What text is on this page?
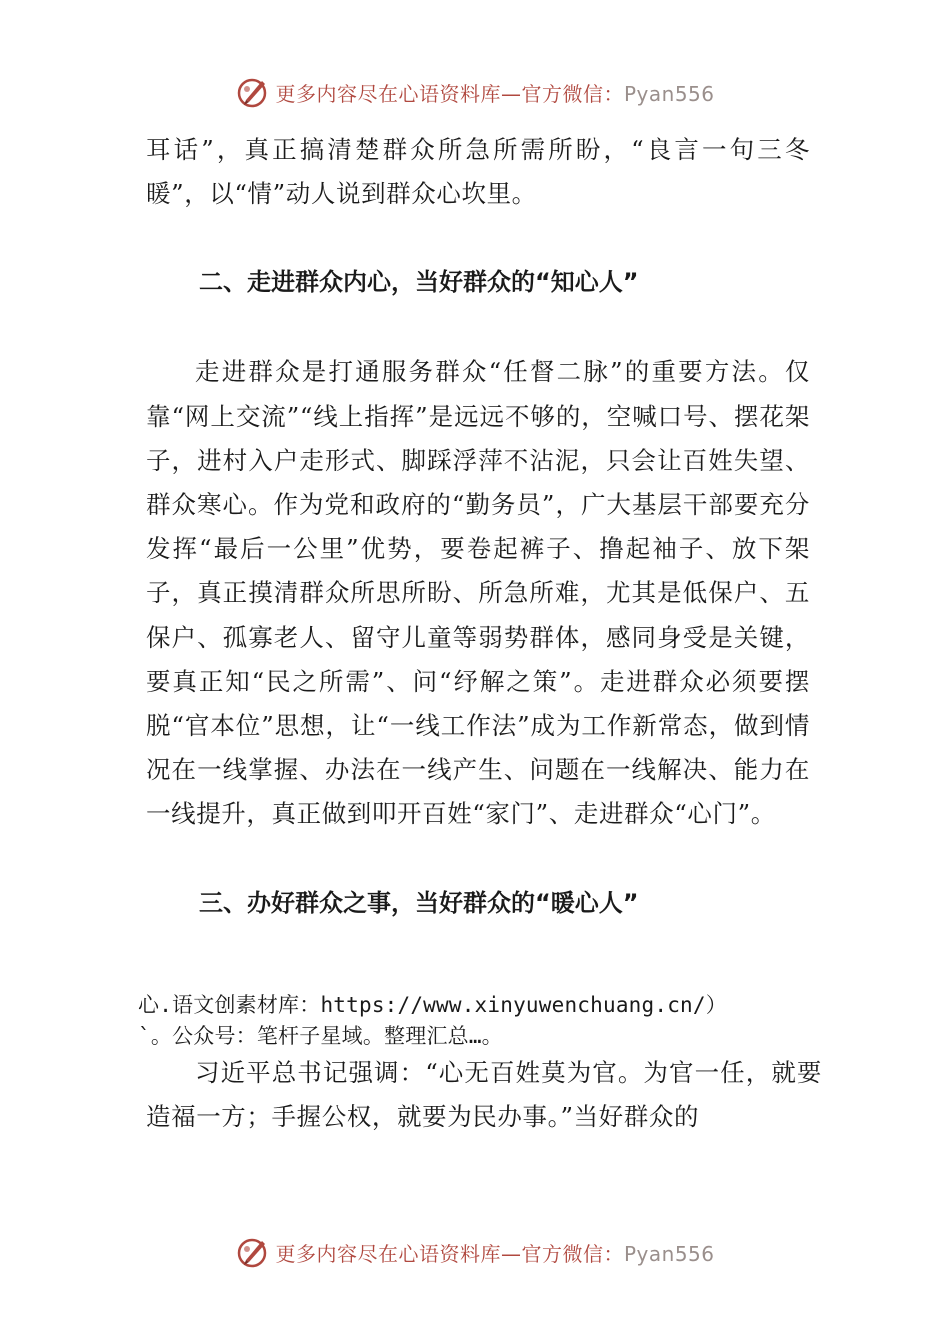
更多内容尽在心语资料库—官方微信：Pyan556

耳话”，真正搞清楚群众所急所需所盼，“良言一句三冬暖”，以“情”动人说到群众心坎里。

二、走进群众内心，当好群众的“知心人”

走进群众是打通服务群众“任督二脉”的重要方法。仅靠“网上交流”“线上指挥”是远远不够的，空喊口号、摆花架子，进村入户走形式、脚踩浮萍不沾泥，只会让百姓失望、群众寒心。作为党和政府的“勤务员”，广大基层干部要充分发挥“最后一公里”优势，要卷起裤子、撸起袖子、放下架子，真正摸清群众所思所盼、所急所难，尤其是低保户、五保户、孤寡老人、留守儿童等弱势群体，感同身受是关键，要真正知“民之所需”、问“纾解之策”。走进群众必须要摆脱“官本位”思想，让“一线工作法”成为工作新常态，做到情况在一线掌握、办法在一线产生、问题在一线解决、能力在一线提升，真正做到叩开百姓“家门”、走进群众“心门”。

三、办好群众之事，当好群众的“暖心人”

心.语文创素材库：https://www.xinyuwenchuang.cn/）

`。公众号：笔杆子星域。整理汇总…。

习近平总书记强调：“心无百姓莫为官。为官一任，就要造福一方；手握公权，就要为民办事。”当好群众的

更多内容尽在心语资料库—官方微信：Pyan556
